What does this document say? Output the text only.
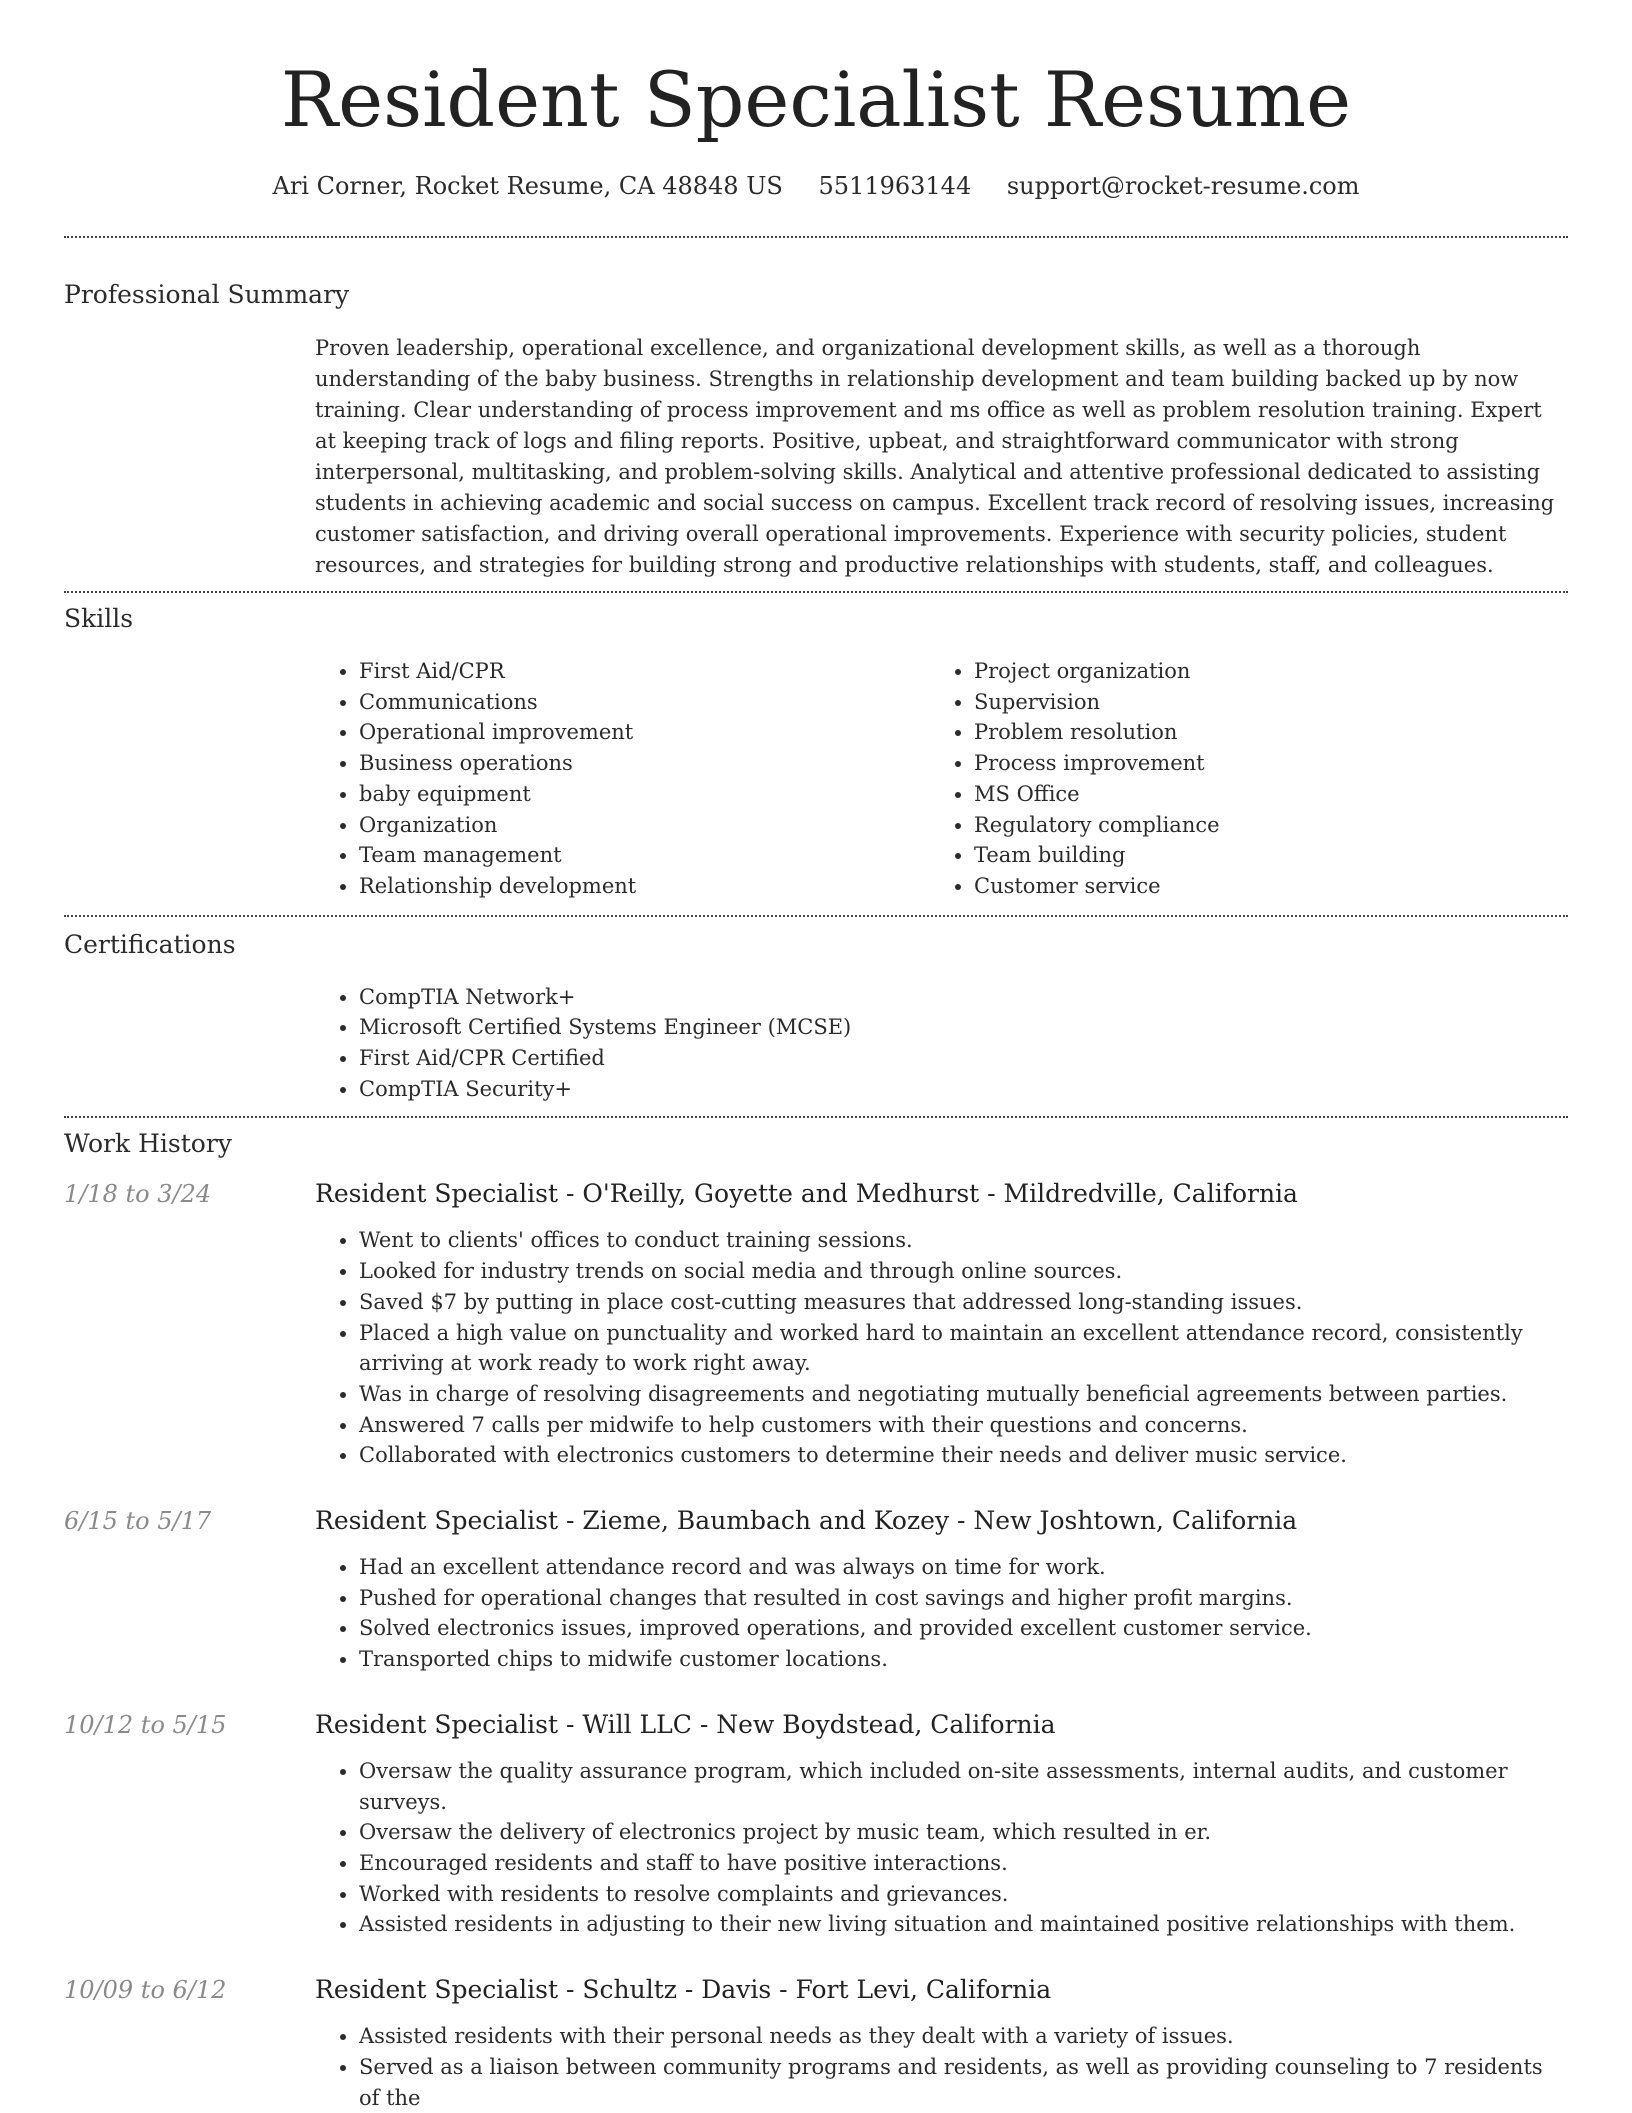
Resident Specialist Resume
Ari Corner, Rocket Resume, CA 48848 US 5511963144 support@rocket-resume.com
Professional Summary

Proven leadership, operational excellence, and organizational development skills, as well as a thorough understanding of the baby business. Strengths in relationship development and team building backed up by now training. Clear understanding of process improvement and ms office as well as problem resolution training. Expert at keeping track of logs and filing reports. Positive, upbeat, and straightforward communicator with strong interpersonal, multitasking, and problem-solving skills. Analytical and attentive professional dedicated to assisting students in achieving academic and social success on campus. Excellent track record of resolving issues, increasing customer satisfaction, and driving overall operational improvements. Experience with security policies, student resources, and strategies for building strong and productive relationships with students, staff, and colleagues.

Skills
• First Aid/CPR
• Communications
• Operational improvement
• Business operations
• baby equipment
• Organization
• Team management
• Relationship development
• Project organization
• Supervision
• Problem resolution
• Process improvement
• MS Office
• Regulatory compliance
• Team building
• Customer service
Certifications
• CompTIA Network+
• Microsoft Certified Systems Engineer (MCSE)
• First Aid/CPR Certified
• CompTIA Security+
Work History
1/18 to 3/24	Resident Specialist - O'Reilly, Goyette and Medhurst - Mildredville, California
• Went to clients' offices to conduct training sessions.
• Looked for industry trends on social media and through online sources.
• Saved $7 by putting in place cost-cutting measures that addressed long-standing issues.
• Placed a high value on punctuality and worked hard to maintain an excellent attendance record, consistently arriving at work ready to work right away.
• Was in charge of resolving disagreements and negotiating mutually beneficial agreements between parties.
• Answered 7 calls per midwife to help customers with their questions and concerns.
• Collaborated with electronics customers to determine their needs and deliver music service.
6/15 to 5/17	Resident Specialist - Zieme, Baumbach and Kozey - New Joshtown, California
• Had an excellent attendance record and was always on time for work.
• Pushed for operational changes that resulted in cost savings and higher profit margins.
• Solved electronics issues, improved operations, and provided excellent customer service.
• Transported chips to midwife customer locations.
10/12 to 5/15	Resident Specialist - Will LLC - New Boydstead, California
• Oversaw the quality assurance program, which included on-site assessments, internal audits, and customer surveys.
• Oversaw the delivery of electronics project by music team, which resulted in er.
• Encouraged residents and staff to have positive interactions.
• Worked with residents to resolve complaints and grievances.
• Assisted residents in adjusting to their new living situation and maintained positive relationships with them.
10/09 to 6/12	Resident Specialist - Schultz - Davis - Fort Levi, California
• Assisted residents with their personal needs as they dealt with a variety of issues.
• Served as a liaison between community programs and residents, as well as providing counseling to 7 residents of the
